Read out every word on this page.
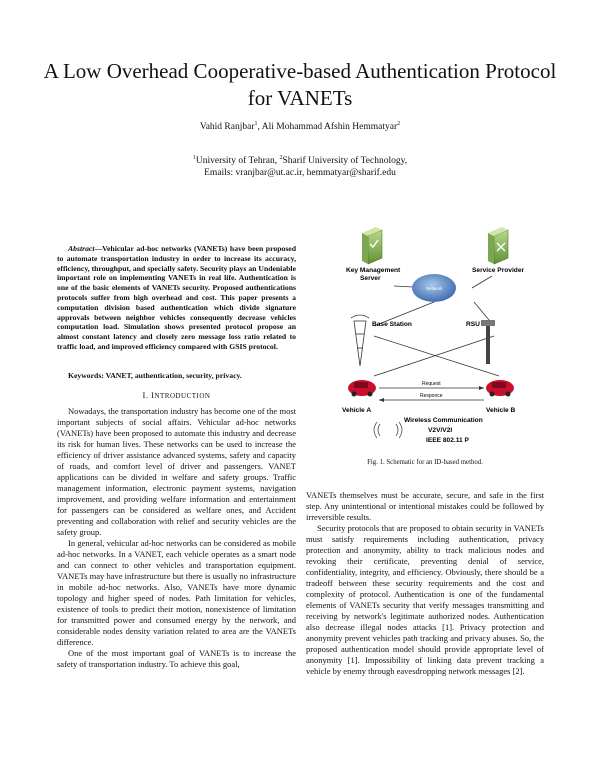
A Low Overhead Cooperative-based Authentication Protocol for VANETs
Vahid Ranjbar$^1$, Ali Mohammad Afshin Hemmatyar$^2$
$^1$University of Tehran, $^2$Sharif University of Technology,
Emails: vranjbar@ut.ac.ir, hemmatyar@sharif.edu

Abstract—Vehicular ad-hoc networks (VANETs) have been proposed to automate transportation industry in order to increase its accuracy, efficiency, throughput, and specially safety. Security plays an Undeniable important role on implementing VANETs in real life. Authentication is one of the basic elements of VANETs security. Proposed authentications protocols suffer from high overhead and cost. This paper presents a computation division based authentication which divide signature approvals between neighbor vehicles consequently decrease vehicles computation load. Simulation shows presented protocol propose an almost constant latency and closely zero message loss ratio related to traffic load, and improved efficiency compared with GSIS protocol.

Keywords: VANET, authentication, security, privacy.

I. INTRODUCTION

Nowadays, the transportation industry has become one of the most important subjects of social affairs. Vehicular ad-hoc networks (VANETs) have been proposed to automate this industry and decrease its risk for human lives. These networks can be used to increase the efficiency of driver assistance advanced systems, safety and capacity of roads, and comfort level of driver and passengers. VANET applications can be divided in welfare and safety groups. Traffic management information, electronic payment systems, navigation improvement, and providing welfare information and entertainment for passengers can be considered as welfare ones, and Accident preventing and collaboration with relief and security vehicles are the safety group.

In general, vehicular ad-hoc networks can be considered as mobile ad-hoc networks. In a VANET, each vehicle operates as a smart node and can connect to other vehicles and transportation equipment. VANETs may have infrastructure but there is usually no infrastructure in mobile ad-hoc networks. Also, VANETs have more dynamic topology and higher speed of nodes. Path limitation for vehicles, existence of tools to predict their motion, nonexistence of limitation for transmitted power and consumed energy by the network, and considerable nodes density variation related to area are the VANETs difference.

One of the most important goal of VANETs is to increase the safety of transportation industry. To achieve this goal,

Key Management
Server
Service Provider
Network
Base Station	RSU
Request
Responce
Vehicle A	Vehicle B
Wireless Communication
V2V/V2I
IEEE 802.11 P
Fig. 1. Schematic for an ID-based method.

VANETs themselves must be accurate, secure, and safe in the first step. Any unintentional or intentional mistakes could be followed by irreversible results.

Security protocols that are proposed to obtain security in VANETs must satisfy requirements including authentication, privacy protection and anonymity, ability to track malicious nodes and revoking their certificate, preventing denial of service, confidentiality, integrity, and efficiency. Obviously, there should be a tradeoff between these security requirements and the cost and complexity of protocol. Authentication is one of the fundamental elements of VANETs security that verify messages transmitting and receiving by network's legitimate authorized nodes. Authentication also decrease illegal nodes attacks [1]. Privacy protection and anonymity prevent vehicles path tracking and privacy abuses. So, the proposed authentication model should provide appropriate level of anonymity [1]. Impossibility of linking data prevent tracking a vehicle by enemy through eavesdropping network messages [2].
